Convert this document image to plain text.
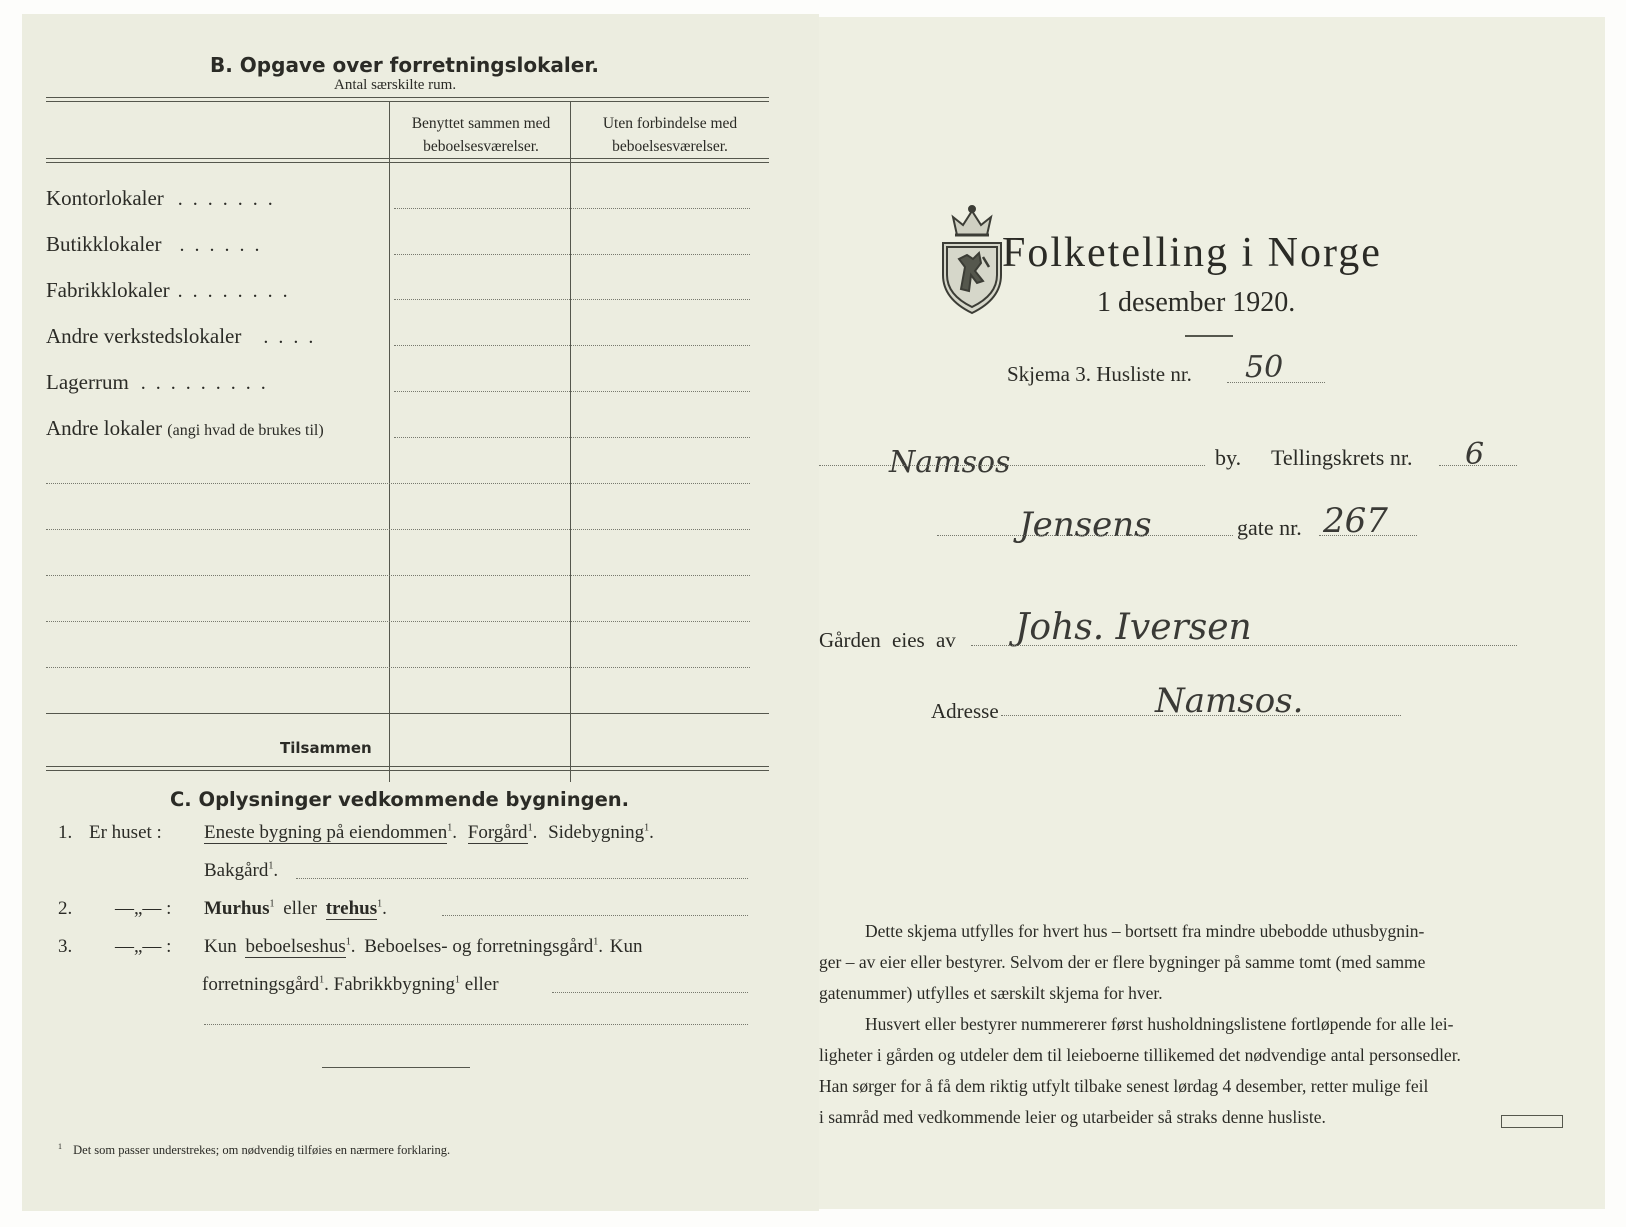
B. Opgave over forretningslokaler.
Antal særskilte rum.
Benyttet sammen med
beboelsesværelser.
Uten forbindelse med
beboelsesværelser.
Kontorlokaler .......
Butikklokaler ......
Fabrikklokaler ........
Andre verkstedslokaler ....
Lagerrum .........
Andre lokaler (angi hvad de brukes til)
Tilsammen
C. Oplysninger vedkommende bygningen.
1. Er huset : Eneste bygning på eiendommen$^1$. Forgård$^1$. Sidebygning$^1$.
Bakgård$^1$.
2. —„— : Murhus$^1$ eller trehus$^1$.
3. —„— : Kun beboelseshus$^1$. Beboelses- og forretningsgård$^1$. Kun
forretningsgård$^1$. Fabrikkbygning$^1$ eller
$^1$ Det som passer understrekes; om nødvendig tilføies en nærmere forklaring.
Folketelling i Norge
1 desember 1920.
Skjema 3. Husliste nr. 50
Namsos	by. Tellingskrets nr. 6
Jensens	gate nr. 267
Gården eies av Johs. Iversen
Adresse	Namsos.
Dette skjema utfylles for hvert hus – bortsett fra mindre ubebodde uthusbygnin-
ger – av eier eller bestyrer. Selvom der er flere bygninger på samme tomt (med samme
gatenummer) utfylles et særskilt skjema for hver.
Husvert eller bestyrer nummererer først husholdningslistene fortløpende for alle lei-
ligheter i gården og utdeler dem til leieboerne tillikemed det nødvendige antal personsedler.
Han sørger for å få dem riktig utfylt tilbake senest lørdag 4 desember, retter mulige feil
i samråd med vedkommende leier og utarbeider så straks denne husliste.
